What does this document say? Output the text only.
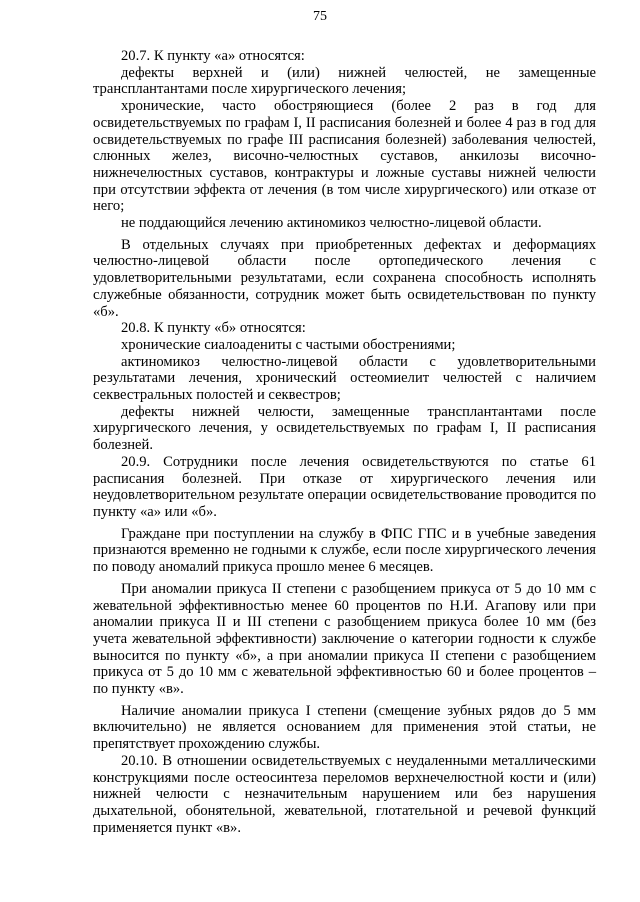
75

20.7. К пункту «а» относятся:

дефекты верхней и (или) нижней челюстей, не замещенные трансплантантами после хирургического лечения;

хронические, часто обостряющиеся (более 2 раз в год для освидетельствуемых по графам I, II расписания болезней и более 4 раз в год для освидетельствуемых по графе III расписания болезней) заболевания челюстей, слюнных желез, височно-челюстных суставов, анкилозы височно-нижнечелюстных суставов, контрактуры и ложные суставы нижней челюсти при отсутствии эффекта от лечения (в том числе хирургического) или отказе от него;

не поддающийся лечению актиномикоз челюстно-лицевой области.

В отдельных случаях при приобретенных дефектах и деформациях челюстно-лицевой области после ортопедического лечения с удовлетворительными результатами, если сохранена способность исполнять служебные обязанности, сотрудник может быть освидетельствован по пункту «б».

20.8. К пункту «б» относятся:

хронические сиалоадениты с частыми обострениями;

актиномикоз челюстно-лицевой области с удовлетворительными результатами лечения, хронический остеомиелит челюстей с наличием секвестральных полостей и секвестров;

дефекты нижней челюсти, замещенные трансплантантами после хирургического лечения, у освидетельствуемых по графам I, II расписания болезней.

20.9. Сотрудники после лечения освидетельствуются по статье 61 расписания болезней. При отказе от хирургического лечения или неудовлетворительном результате операции освидетельствование проводится по пункту «а» или «б».

Граждане при поступлении на службу в ФПС ГПС и в учебные заведения признаются временно не годными к службе, если после хирургического лечения по поводу аномалий прикуса прошло менее 6 месяцев.

При аномалии прикуса II степени с разобщением прикуса от 5 до 10 мм с жевательной эффективностью менее 60 процентов по Н.И. Агапову или при аномалии прикуса II и III степени с разобщением прикуса более 10 мм (без учета жевательной эффективности) заключение о категории годности к службе выносится по пункту «б», а при аномалии прикуса II степени с разобщением прикуса от 5 до 10 мм с жевательной эффективностью 60 и более процентов – по пункту «в».

Наличие аномалии прикуса I степени (смещение зубных рядов до 5 мм включительно) не является основанием для применения этой статьи, не препятствует прохождению службы.

20.10. В отношении освидетельствуемых с неудаленными металлическими конструкциями после остеосинтеза переломов верхнечелюстной кости и (или) нижней челюсти с незначительным нарушением или без нарушения дыхательной, обонятельной, жевательной, глотательной и речевой функций применяется пункт «в».
